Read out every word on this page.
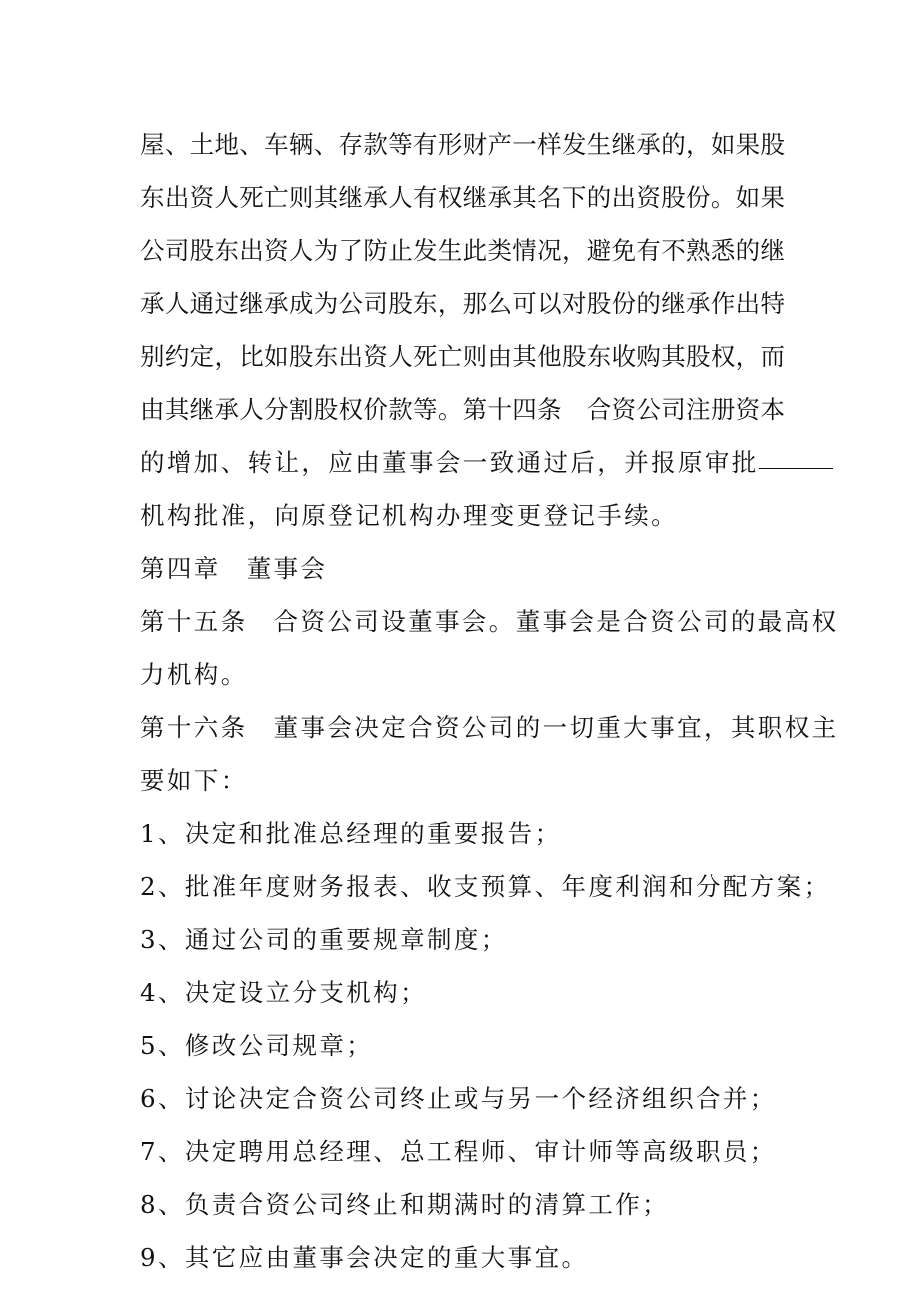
屋、土地、车辆、存款等有形财产一样发生继承的，如果股

东出资人死亡则其继承人有权继承其名下的出资股份。如果

公司股东出资人为了防止发生此类情况，避免有不熟悉的继

承人通过继承成为公司股东，那么可以对股份的继承作出特

别约定，比如股东出资人死亡则由其他股东收购其股权，而

由其继承人分割股权价款等。第十四条　合资公司注册资本

的增加、转让，应由董事会一致通过后，并报原审批

机构批准，向原登记机构办理变更登记手续。

第四章 董事会

第十五条 合资公司设董事会。董事会是合资公司的最高权

力机构。

第十六条 董事会决定合资公司的一切重大事宜，其职权主

要如下：

1、决定和批准总经理的重要报告；

2、批准年度财务报表、收支预算、年度利润和分配方案；

3、通过公司的重要规章制度；

4、决定设立分支机构；

5、修改公司规章；

6、讨论决定合资公司终止或与另一个经济组织合并；

7、决定聘用总经理、总工程师、审计师等高级职员；

8、负责合资公司终止和期满时的清算工作；

9、其它应由董事会决定的重大事宜。
